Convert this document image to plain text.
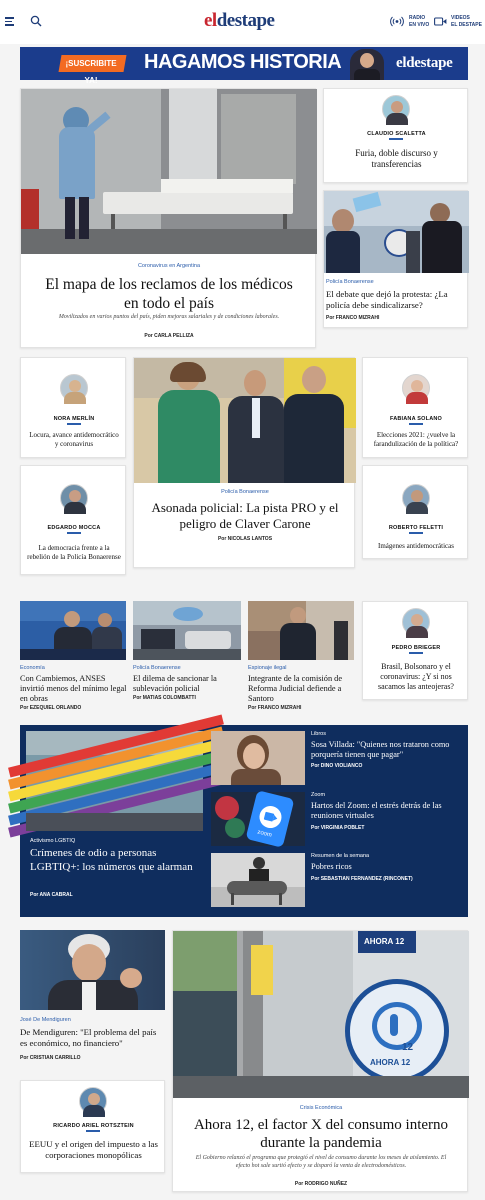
eldestape	RADIO
EN VIVO
VIDEOS
EL DESTAPE
¡SUSCRIBITE YA!
HAGAMOS HISTORIA	eldestape
Coronavirus en Argentina
El mapa de los reclamos de los médicos en todo el país
Movilizados en varios puntos del país, piden mejoras salariales y de condiciones laborales.
Por CARLA PELLIZA
CLAUDIO SCALETTA
Furia, doble discurso y transferencias
Policía Bonaerense
El debate que dejó la protesta: ¿La policía debe sindicalizarse?
Por FRANCO MIZRAHI
NORA MERLÍN
Locura, avance antidemocrático y coronavirus
EDGARDO MOCCA
La democracia frente a la rebelión de la Policía Bonaerense
Policía Bonaerense
Asonada policial: La pista PRO y el peligro de Claver Carone
Por NICOLAS LANTOS
FABIANA SOLANO
Elecciones 2021: ¿vuelve la farandulización de la política?
ROBERTO FELETTI
Imágenes antidemocráticas
Economía
Con Cambiemos, ANSES invirtió menos del mínimo legal en obras
Por EZEQUIEL ORLANDO
Policía Bonaerense
El dilema de sancionar la sublevación policial
Por MATIAS COLOMBATTI
Espionaje ilegal
Integrante de la comisión de Reforma Judicial defiende a Santoro
Por FRANCO MIZRAHI
PEDRO BRIEGER
Brasil, Bolsonaro y el coronavirus: ¿Y si nos sacamos las anteojeras?
Activismo LGBTIQ
Crímenes de odio a personas LGBTIQ+: los números que alarman
Por ANA CABRAL
Libros
Sosa Villada: "Quienes nos trataron como porquería tienen que pagar"
Por DINO VIOLIANCO
zoom
Zoom
Hartos del Zoom: el estrés detrás de las reuniones virtuales
Por VIRGINIA POBLET
Resumen de la semana
Pobres ricos
Por SEBASTIAN FERNANDEZ (RINCONET)
José De Mendiguren
De Mendiguren: "El problema del país es económico, no financiero"
Por CRISTIAN CARRILLO
RICARDO ARIEL ROTSZTEIN
EEUU y el origen del impuesto a las corporaciones monopólicas
AHORA 12
12
AHORA 12
Crisis Económica
Ahora 12, el factor X del consumo interno durante la pandemia
El Gobierno relanzó el programa que protegió el nivel de consumo durante los meses de aislamiento. El efecto hot sale surtió efecto y se disparó la venta de electrodomésticos.
Por RODRIGO NUÑEZ
